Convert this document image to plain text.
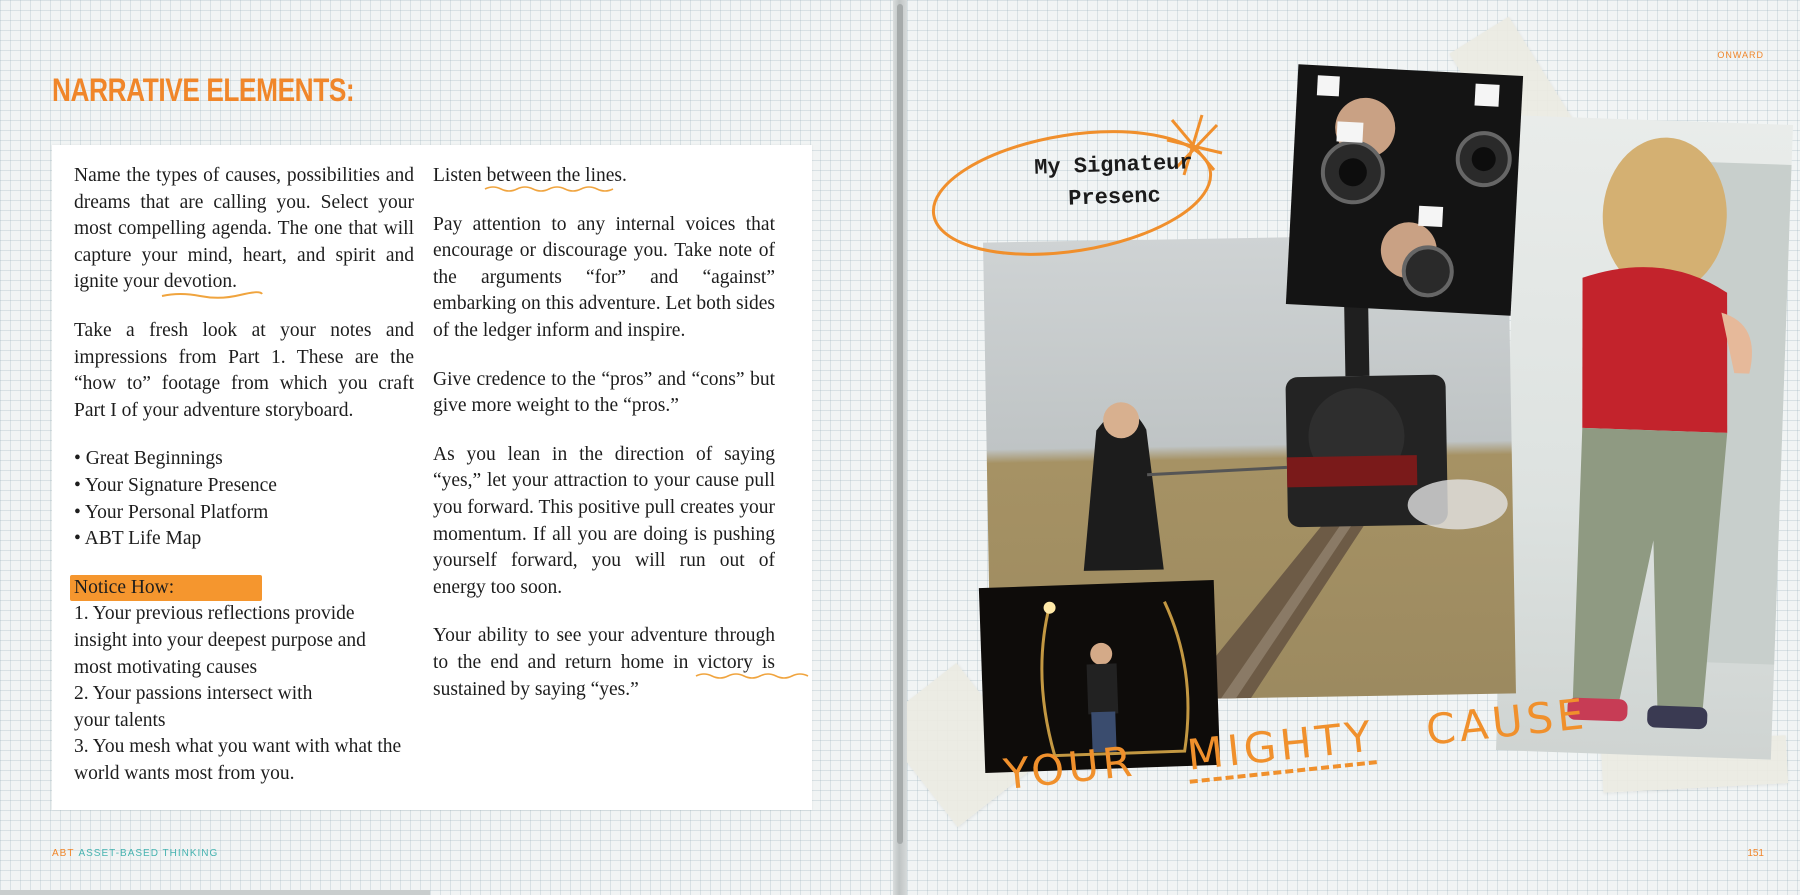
NARRATIVE ELEMENTS:

Name the types of causes, possibilities and dreams that are calling you. Select your most compelling agenda. The one that will capture your mind, heart, and spirit and ignite your devotion.

Take a fresh look at your notes and impressions from Part 1. These are the “how to” footage from which you craft Part I of your adventure storyboard.

• Great Beginnings
• Your Signature Presence
• Your Personal Platform
• ABT Life Map
Notice How:
1. Your previous reflections provide insight into your deepest purpose and most motivating causes
2. Your passions intersect with your talents
3. You mesh what you want with what the world wants most from you.

Listen between the lines.

Pay attention to any internal voices that encourage or discourage you. Take note of the arguments “for” and “against” embarking on this adventure. Let both sides of the ledger inform and inspire.

Give credence to the “pros” and “cons” but give more weight to the “pros.”

As you lean in the direction of saying “yes,” let your attraction to your cause pull you forward. This positive pull creates your momentum. If all you are doing is pushing yourself forward, you will run out of energy too soon.

Your ability to see your adventure through to the end and return home in victory is sustained by saying “yes.”

ABT ASSET-BASED THINKING
ONWARD
My Signateur
Presenc
YOUR MIGHTY CAUSE
151
